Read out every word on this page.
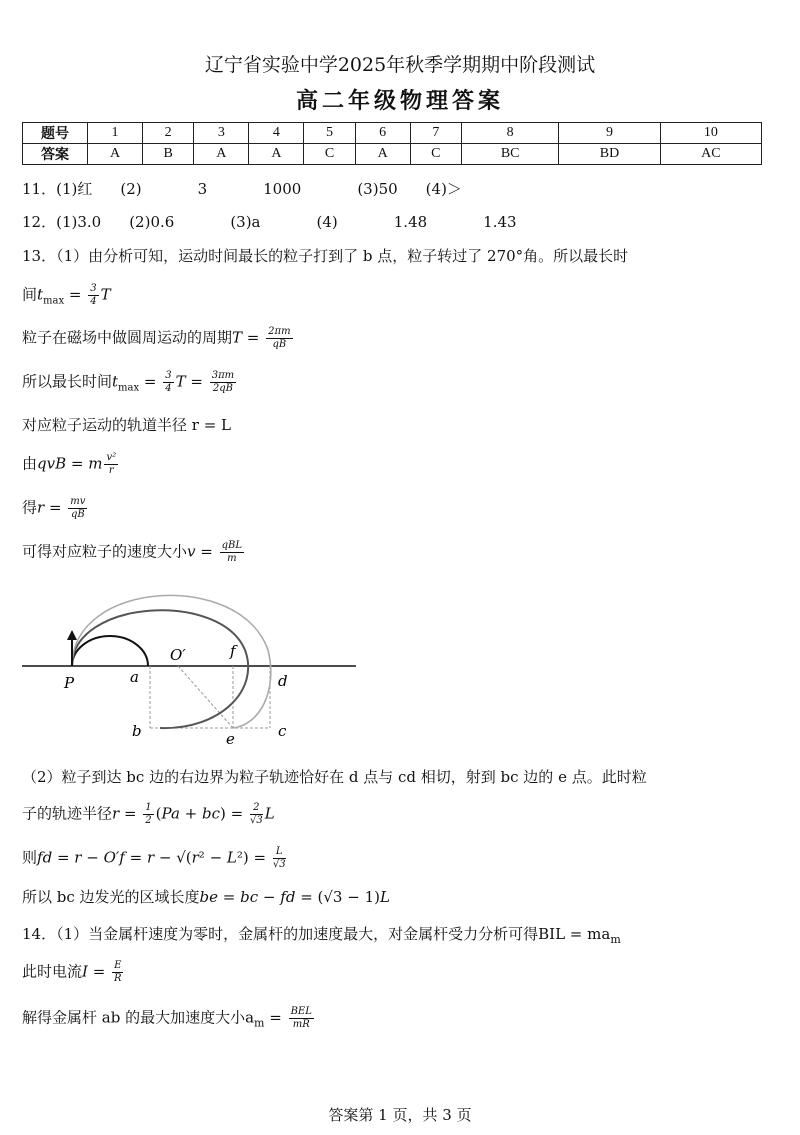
辽宁省实验中学2025年秋季学期期中阶段测试
高二年级物理答案
题号	1	2	3	4	5	6	7	8	9	10
答案	A	B	A	A	C	A	C	BC	BD	AC
11．(1)红 (2)	3	1000	(3)50 (4)＞
12．(1)3.0 (2)0.6	(3)a	(4)	1.48	1.43
13．（1）由分析可知，运动时间最长的粒子打到了 b 点，粒子转过了 270°角。所以最长时
间$t_{max} = \frac{3}{4}$ T
粒子在磁场中做圆周运动的周期$T = \frac{2\pi m}{qB}$
所以最长时间$t_{max} = \frac{3}{4}$ $T = \frac{3\pi m}{2qB}$
对应粒子运动的轨道半径 r = L
由qvB = m $\frac{\text{v²}}{r}$
得$r = \frac{mv}{qB}$
可得对应粒子的速度大小$v = \frac{\text{qBL}}{m}$
P	a
O′	f
d
b	e	c
（2）粒子到达 bc 边的右边界为粒子轨迹恰好在 d 点与 cd 相切，射到 bc 边的 e 点。此时粒
子的轨迹半径$r = \frac{1}{2} (Pa + bc) = \frac{2}{√3}$ L
则fd = $r - O'f = r - √(r^2 - L^2) = \frac{L}{√3}$
所以 bc 边发光的区域长度be = bc − fd = (√3 − 1)L
14．（1）当金属杆速度为零时，金属杆的加速度最大，对金属杆受力分析可得BIL = $ma_m$
此时电流$I = \frac{E}{R}$
解得金属杆 ab 的最大加速度大小$a_m = \frac{\text{BEL}}{mR}$
答案第 1 页，共 3 页
